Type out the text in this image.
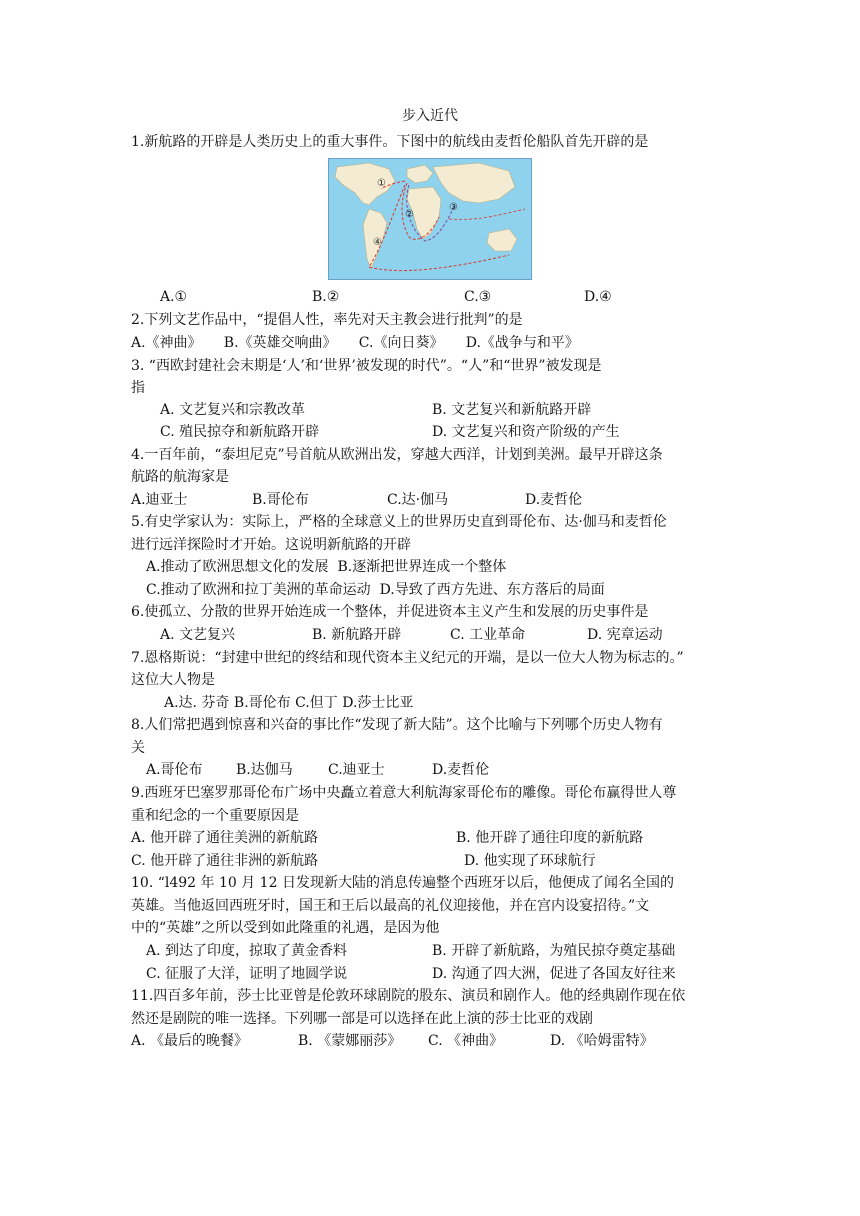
步入近代
1.新航路的开辟是人类历史上的重大事件。下图中的航线由麦哲伦船队首先开辟的是
①
②
③
④
A.①	B.②	C.③	D.④
2.下列文艺作品中，“提倡人性，率先对天主教会进行批判”的是
A.《神曲》     B.《英雄交响曲》     C.《向日葵》     D.《战争与和平》
3. “西欧封建社会末期是‘人’和‘世界’被发现的时代”。“人”和“世界”被发现是
指
A. 文艺复兴和宗教改革	B. 文艺复兴和新航路开辟
C. 殖民掠夺和新航路开辟	D. 文艺复兴和资产阶级的产生
4.一百年前，“泰坦尼克”号首航从欧洲出发，穿越大西洋，计划到美洲。最早开辟这条
航路的航海家是
A.迪亚士	B.哥伦布	C.达·伽马	D.麦哲伦
5.有史学家认为：实际上，严格的全球意义上的世界历史直到哥伦布、达·伽马和麦哲伦
进行远洋探险时才开始。这说明新航路的开辟
A.推动了欧洲思想文化的发展  B.逐渐把世界连成一个整体
C.推动了欧洲和拉丁美洲的革命运动  D.导致了西方先进、东方落后的局面
6.使孤立、分散的世界开始连成一个整体，并促进资本主义产生和发展的历史事件是
A. 文艺复兴	B. 新航路开辟	C. 工业革命	D. 宪章运动
7.恩格斯说：“封建中世纪的终结和现代资本主义纪元的开端，是以一位大人物为标志的。”
这位大人物是
A.达. 芬奇 B.哥伦布 C.但丁 D.莎士比亚
8.人们常把遇到惊喜和兴奋的事比作“发现了新大陆”。这个比喻与下列哪个历史人物有
关
A.哥伦布 B.达伽马	C.迪亚士	D.麦哲伦
9.西班牙巴塞罗那哥伦布广场中央矗立着意大利航海家哥伦布的雕像。哥伦布赢得世人尊
重和纪念的一个重要原因是
A. 他开辟了通往美洲的新航路	B. 他开辟了通往印度的新航路
C. 他开辟了通往非洲的新航路	D. 他实现了环球航行
10. “l492 年 10 月 12 日发现新大陆的消息传遍整个西班牙以后，他便成了闻名全国的
英雄。当他返回西班牙时，国王和王后以最高的礼仪迎接他，并在宫内设宴招待。”文
中的“英雄”之所以受到如此隆重的礼遇，是因为他
A. 到达了印度，掠取了黄金香料	B. 开辟了新航路，为殖民掠夺奠定基础
C. 征服了大洋，证明了地圆学说	D. 沟通了四大洲，促进了各国友好往来
11.四百多年前，莎士比亚曾是伦敦环球剧院的股东、演员和剧作人。他的经典剧作现在依
然还是剧院的唯一选择。下列哪一部是可以选择在此上演的莎士比亚的戏剧
A. 《最后的晚餐》	B. 《蒙娜丽莎》 C. 《神曲》	D. 《哈姆雷特》
